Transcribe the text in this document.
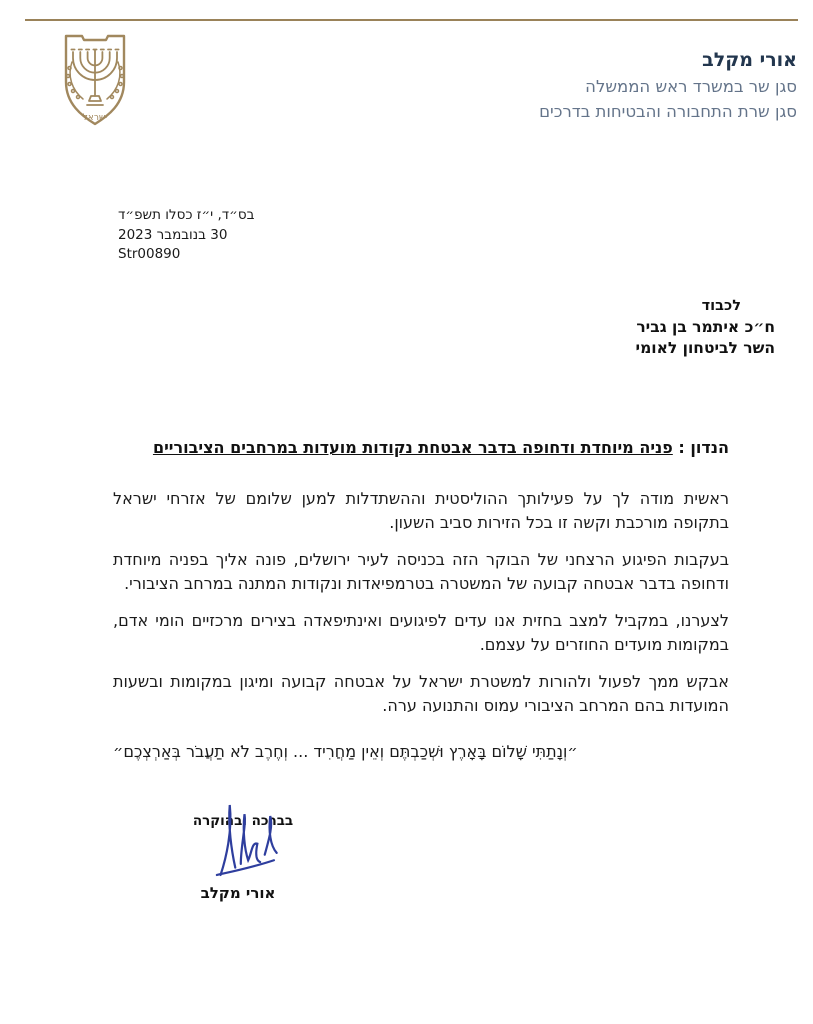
ישראל
אורי מקלב
סגן שר במשרד ראש הממשלה
סגן שרת התחבורה והבטיחות בדרכים
בס״ד, י״ז כסלו תשפ״ד
30 בנובמבר 2023
Str00890
לכבוד
ח״כ איתמר בן גביר
השר לביטחון לאומי
הנדון : פניה מיוחדת ודחופה בדבר אבטחת נקודות מועדות במרחבים הציבוריים

ראשית מודה לך על פעילותך ההוליסטית וההשתדלות למען שלומם של אזרחי ישראל בתקופה מורכבת וקשה זו בכל הזירות סביב השעון.

בעקבות הפיגוע הרצחני של הבוקר הזה בכניסה לעיר ירושלים, פונה אליך בפניה מיוחדת ודחופה בדבר אבטחה קבועה של המשטרה בטרמפיאדות ונקודות המתנה במרחב הציבורי.

לצערנו, במקביל למצב בחזית אנו עדים לפיגועים ואינתיפאדה בצירים מרכזיים הומי אדם, במקומות מועדים החוזרים על עצמם.

אבקש ממך לפעול ולהורות למשטרת ישראל על אבטחה קבועה ומיגון במקומות ובשעות המועדות בהם המרחב הציבורי עמוס והתנועה ערה.

״וְנָתַתִּי שָׁלוֹם בָּאָרֶץ וּשְׁכַבְתֶּם וְאֵין מַחֲרִיד ... וְחֶרֶב לֹא תַעֲבֹר בְּאַרְצְכֶם״
בברכה ובהוקרה
אורי מקלב
